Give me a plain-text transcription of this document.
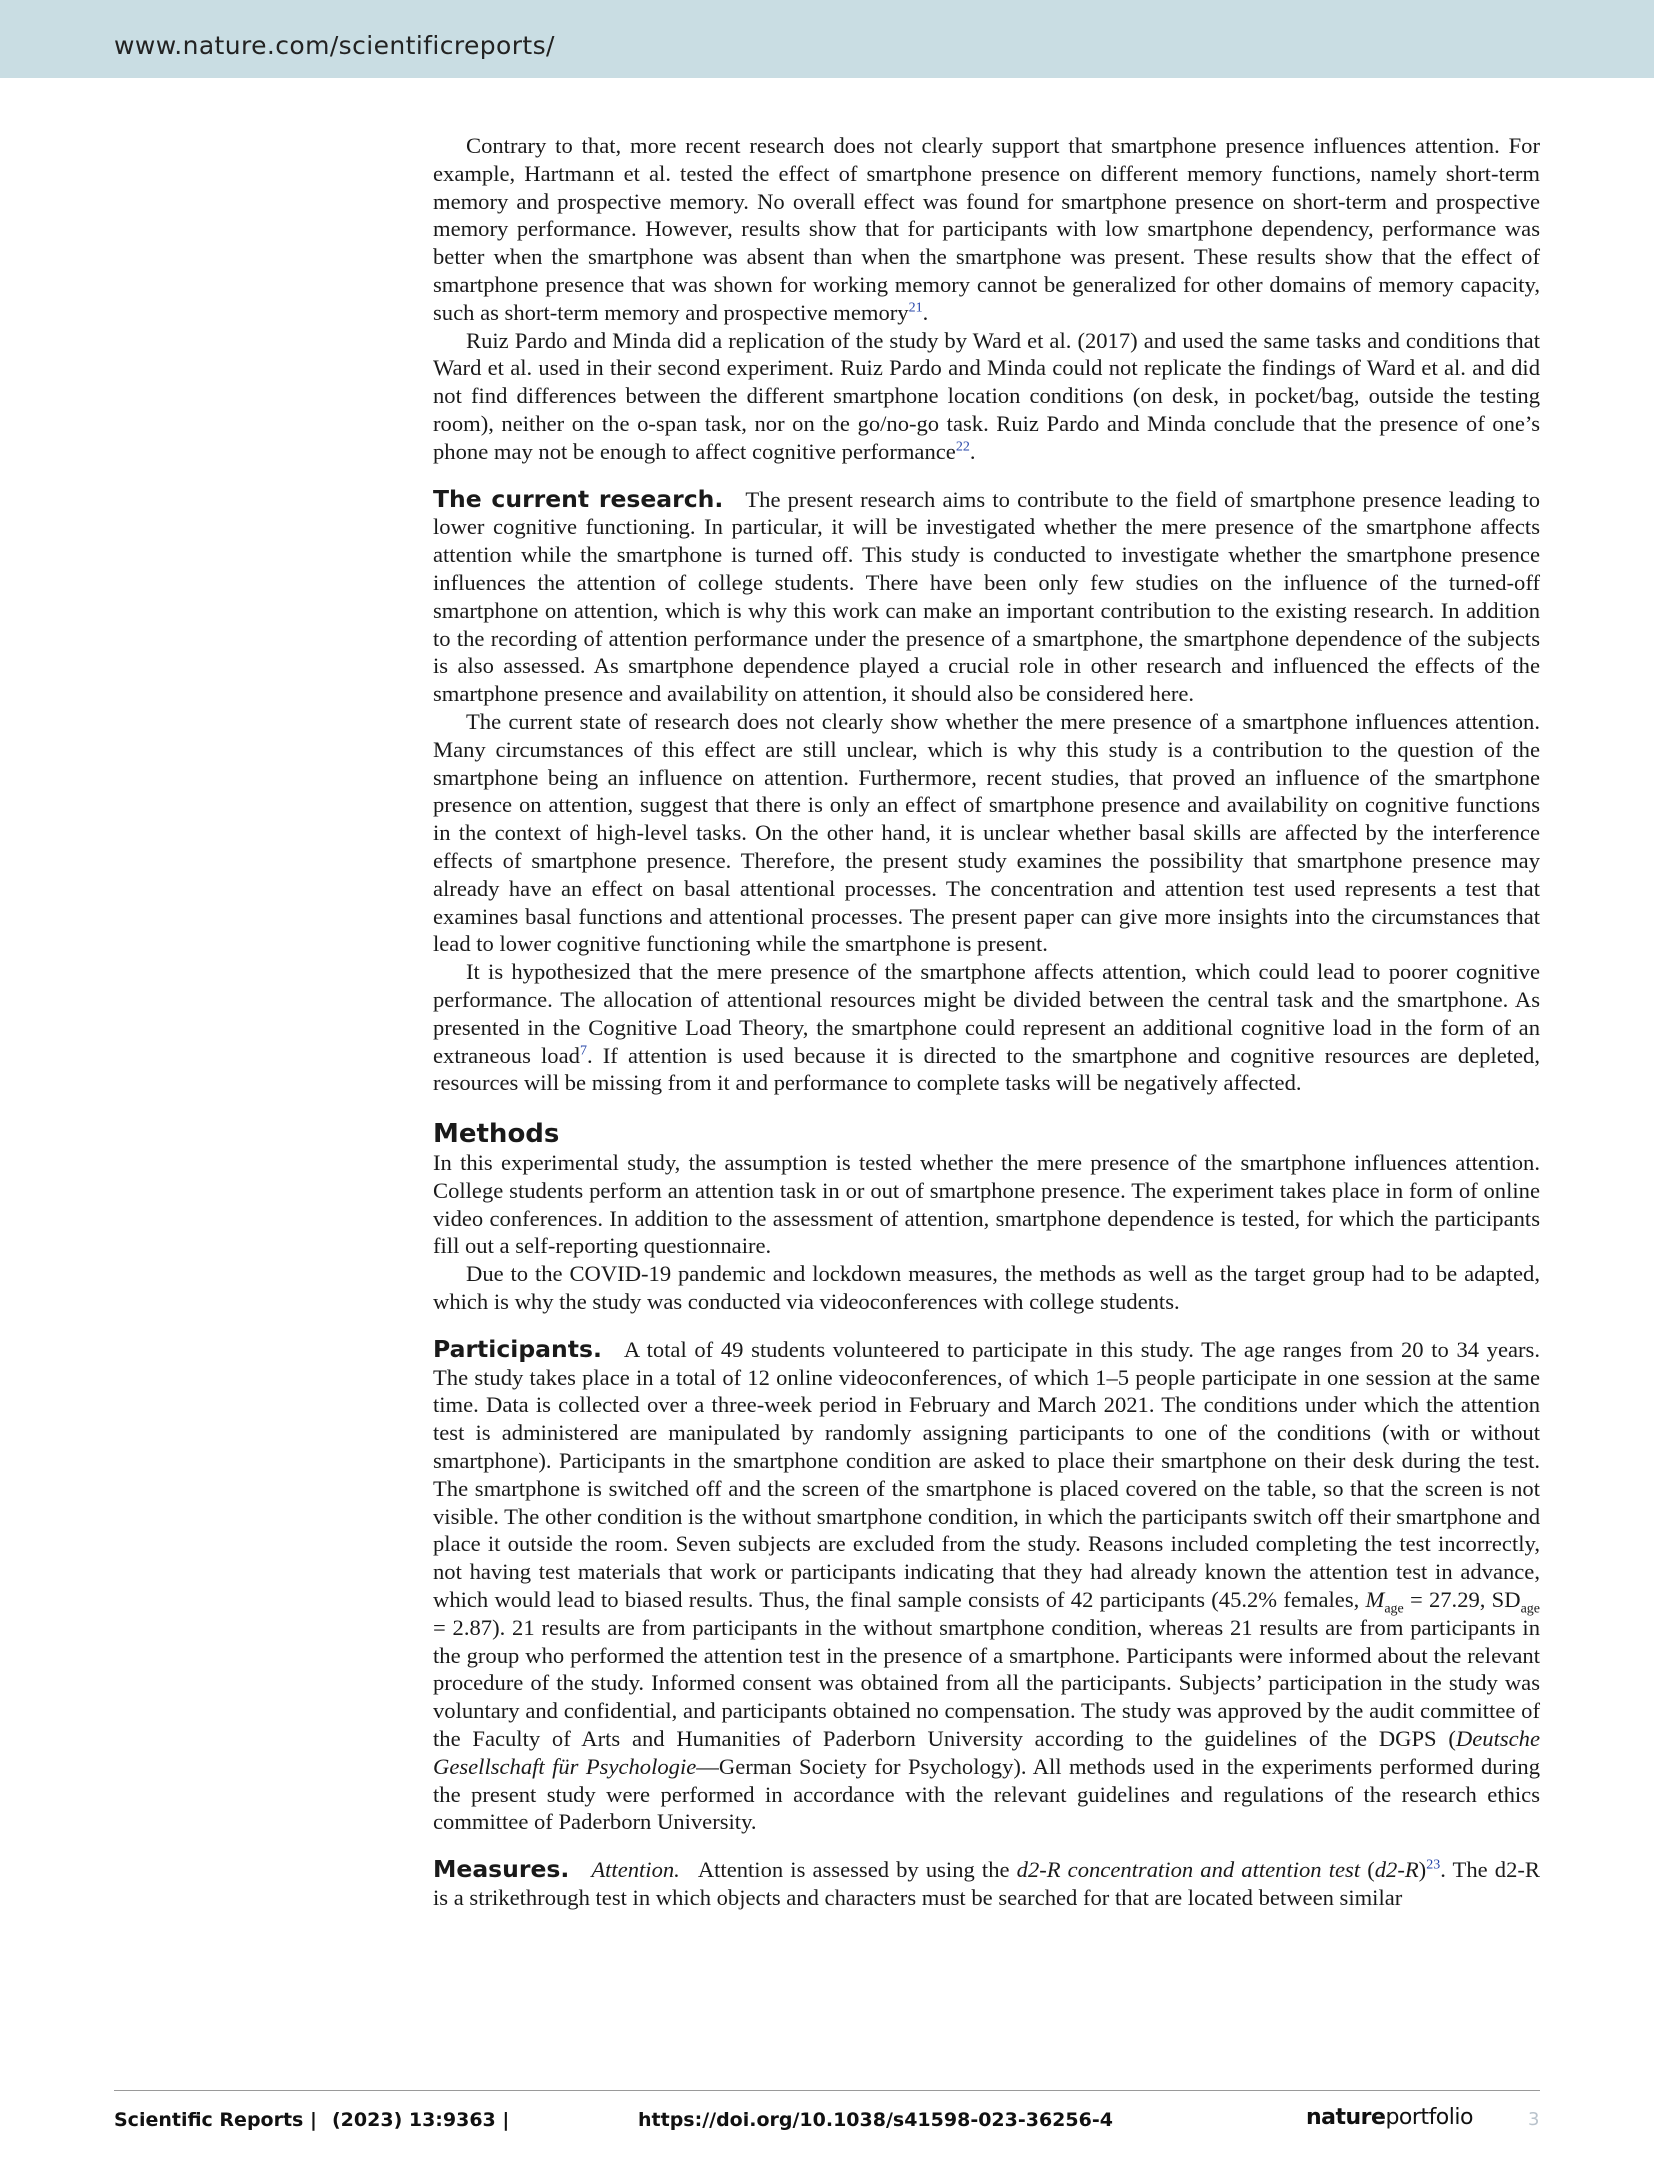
www.nature.com/scientificreports/

Contrary to that, more recent research does not clearly support that smartphone presence influences attention. For example, Hartmann et al. tested the effect of smartphone presence on different memory functions, namely short-term memory and prospective memory. No overall effect was found for smartphone presence on short-term and prospective memory performance. However, results show that for participants with low smartphone dependency, performance was better when the smartphone was absent than when the smartphone was present. These results show that the effect of smartphone presence that was shown for working memory cannot be generalized for other domains of memory capacity, such as short-term memory and prospective memory$^{21}$.

Ruiz Pardo and Minda did a replication of the study by Ward et al. (2017) and used the same tasks and conditions that Ward et al. used in their second experiment. Ruiz Pardo and Minda could not replicate the findings of Ward et al. and did not find differences between the different smartphone location conditions (on desk, in pocket/bag, outside the testing room), neither on the o-span task, nor on the go/no-go task. Ruiz Pardo and Minda conclude that the presence of one’s phone may not be enough to affect cognitive performance$^{22}$.

The current research. The present research aims to contribute to the field of smartphone presence leading to lower cognitive functioning. In particular, it will be investigated whether the mere presence of the smartphone affects attention while the smartphone is turned off. This study is conducted to investigate whether the smartphone presence influences the attention of college students. There have been only few studies on the influence of the turned-off smartphone on attention, which is why this work can make an important contribution to the existing research. In addition to the recording of attention performance under the presence of a smartphone, the smartphone dependence of the subjects is also assessed. As smartphone dependence played a crucial role in other research and influenced the effects of the smartphone presence and availability on attention, it should also be considered here.

The current state of research does not clearly show whether the mere presence of a smartphone influences attention. Many circumstances of this effect are still unclear, which is why this study is a contribution to the question of the smartphone being an influence on attention. Furthermore, recent studies, that proved an influence of the smartphone presence on attention, suggest that there is only an effect of smartphone presence and availability on cognitive functions in the context of high-level tasks. On the other hand, it is unclear whether basal skills are affected by the interference effects of smartphone presence. Therefore, the present study examines the possibility that smartphone presence may already have an effect on basal attentional processes. The concentration and attention test used represents a test that examines basal functions and attentional processes. The present paper can give more insights into the circumstances that lead to lower cognitive functioning while the smartphone is present.

It is hypothesized that the mere presence of the smartphone affects attention, which could lead to poorer cognitive performance. The allocation of attentional resources might be divided between the central task and the smartphone. As presented in the Cognitive Load Theory, the smartphone could represent an additional cognitive load in the form of an extraneous load$^7$. If attention is used because it is directed to the smartphone and cognitive resources are depleted, resources will be missing from it and performance to complete tasks will be negatively affected.

Methods

In this experimental study, the assumption is tested whether the mere presence of the smartphone influences attention. College students perform an attention task in or out of smartphone presence. The experiment takes place in form of online video conferences. In addition to the assessment of attention, smartphone dependence is tested, for which the participants fill out a self-reporting questionnaire.

Due to the COVID-19 pandemic and lockdown measures, the methods as well as the target group had to be adapted, which is why the study was conducted via videoconferences with college students.

Participants. A total of 49 students volunteered to participate in this study. The age ranges from 20 to 34 years. The study takes place in a total of 12 online videoconferences, of which 1–5 people participate in one session at the same time. Data is collected over a three-week period in February and March 2021. The conditions under which the attention test is administered are manipulated by randomly assigning participants to one of the conditions (with or without smartphone). Participants in the smartphone condition are asked to place their smartphone on their desk during the test. The smartphone is switched off and the screen of the smartphone is placed covered on the table, so that the screen is not visible. The other condition is the without smartphone condition, in which the participants switch off their smartphone and place it outside the room. Seven subjects are excluded from the study. Reasons included completing the test incorrectly, not having test materials that work or participants indicating that they had already known the attention test in advance, which would lead to biased results. Thus, the final sample consists of 42 participants (45.2% females, $M_{age} = 27.29$, $SD_{age} = 2.87$). 21 results are from participants in the without smartphone condition, whereas 21 results are from participants in the group who performed the attention test in the presence of a smartphone. Participants were informed about the relevant procedure of the study. Informed consent was obtained from all the participants. Subjects’ participation in the study was voluntary and confidential, and participants obtained no compensation. The study was approved by the audit committee of the Faculty of Arts and Humanities of Paderborn University according to the guidelines of the DGPS (Deutsche Gesellschaft für Psychologie—German Society for Psychology). All methods used in the experiments performed during the present study were performed in accordance with the relevant guidelines and regulations of the research ethics committee of Paderborn University.

Measures. Attention. Attention is assessed by using the d2-R concentration and attention test (d2-R)$^{23}$. The d2-R is a strikethrough test in which objects and characters must be searched for that are located between similar

Scientific Reports | (2023) 13:9363 |	https://doi.org/10.1038/s41598-023-36256-4	natureportfolio	3
